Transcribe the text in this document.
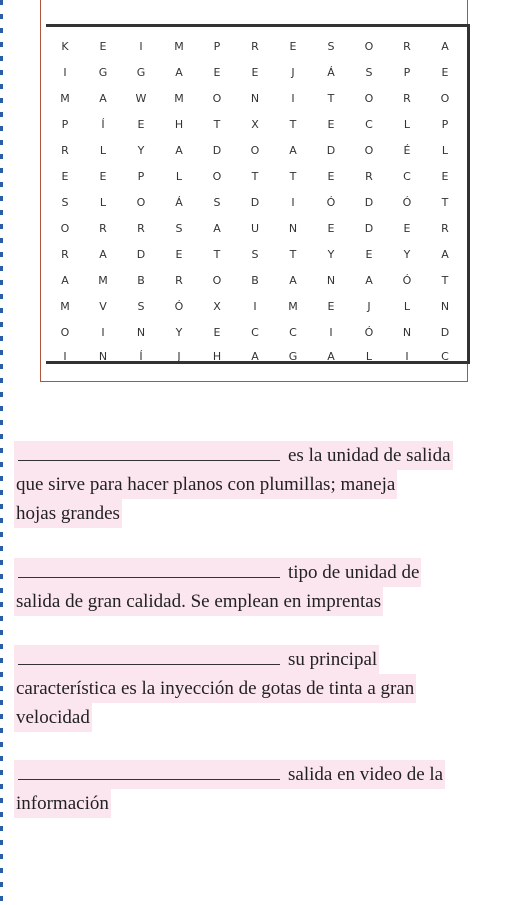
K	E	I	M	P	R	E	S	O	R	A
I	G	G	A	E	E	J	Á	S	P	E
M	A	W	M	O	N	I	T	O	R	O
P	Í	E	H	T	X	T	E	C	L	P
R	L	Y	A	D	O	A	D	O	É	L
E	E	P	L	O	T	T	E	R	C	E
S	L	O	Á	S	D	I	Ó	D	Ó	T
O	R	R	S	A	U	N	E	D	E	R
R	A	D	E	T	S	T	Y	E	Y	A
A	M	B	R	O	B	A	N	A	Ó	T
M	V	S	Ó	X	I	M	E	J	L	N
O	I	N	Y	E	C	C	I	Ó	N	D
I	N	Í	J	H	A	G	A	L	I	C
es la unidad de salida
que sirve para hacer planos con plumillas; maneja
hojas grandes
tipo de unidad de
salida de gran calidad. Se emplean en imprentas
su principal
característica es la inyección de gotas de tinta a gran
velocidad
salida en video de la
información
